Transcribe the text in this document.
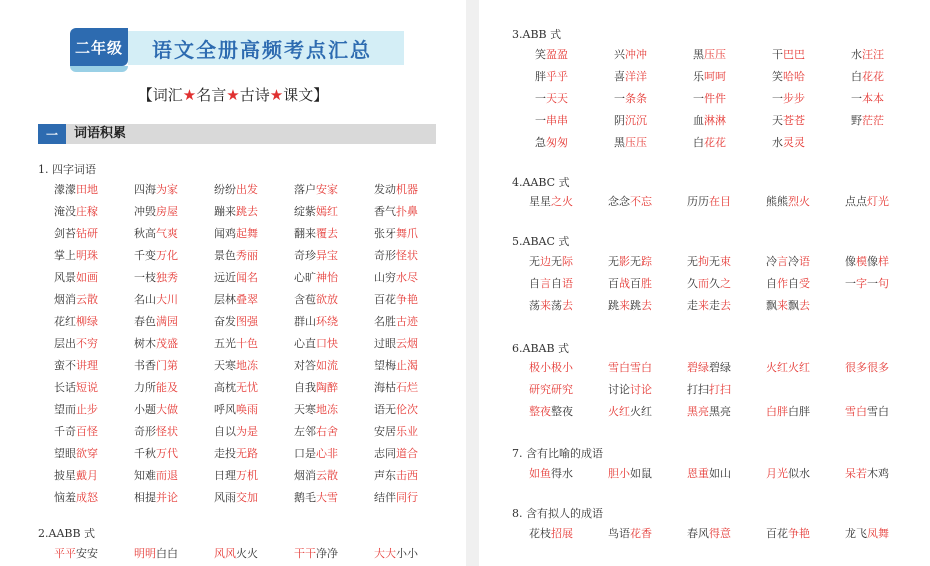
二年级	语文全册高频考点汇总
【词汇★名言★古诗★课文】
一	词语积累
1. 四字词语
濛濛田地	四海为家	纷纷出发	落户安家	发动机器
淹没庄稼	冲毁房屋	蹦来跳去	绽紫嫣红	香气扑鼻
剑苔钻研	秋高气爽	闻鸡起舞	翻来覆去	张牙舞爪
掌上明珠	千变万化	景色秀丽	奇珍异宝	奇形怪状
风景如画	一枝独秀	远近闻名	心旷神怡	山穷水尽
烟消云散	名山大川	层林叠翠	含苞欲放	百花争艳
花红柳绿	春色满园	奋发图强	群山环绕	名胜古迹
层出不穷	树木茂盛	五光十色	心直口快	过眼云烟
蛮不讲理	书香门第	天寒地冻	对答如流	望梅止渴
长话短说	力所能及	高枕无忧	自我陶醉	海枯石烂
望而止步	小题大做	呼风唤雨	天寒地冻	语无伦次
千奇百怪	奇形怪状	自以为是	左邻右舍	安居乐业
望眼欲穿	千秋万代	走投无路	口是心非	志同道合
披星戴月	知难而退	日理万机	烟消云散	声东击西
恼羞成怒	相提并论	风雨交加	鹅毛大雪	结伴同行
2.AABB 式
平平安安	明明白白	风风火火	干干净净	大大小小
3.ABB 式
笑盈盈	兴冲冲	黑压压	干巴巴	水汪汪
胖乎乎	喜洋洋	乐呵呵	笑哈哈	白花花
一天天	一条条	一件件	一步步	一本本
一串串	阴沉沉	血淋淋	天苍苍	野茫茫
急匆匆	黑压压	白花花	水灵灵
4.AABC 式
星星之火	念念不忘	历历在目	熊熊烈火	点点灯光
5.ABAC 式
无边无际	无影无踪	无拘无束	冷言冷语	像模像样
自言自语	百战百胜	久而久之	自作自受	一字一句
荡来荡去	跳来跳去	走来走去	飘来飘去
6.ABAB 式
极小极小	雪白雪白	碧绿碧绿	火红火红	很多很多
研究研究	讨论讨论	打扫打扫
整夜整夜	火红火红	黑亮黑亮	白胖白胖	雪白雪白
7. 含有比喻的成语
如鱼得水	胆小如鼠	恩重如山	月光似水	呆若木鸡
8. 含有拟人的成语
花枝招展	鸟语花香	春风得意	百花争艳	龙飞凤舞
